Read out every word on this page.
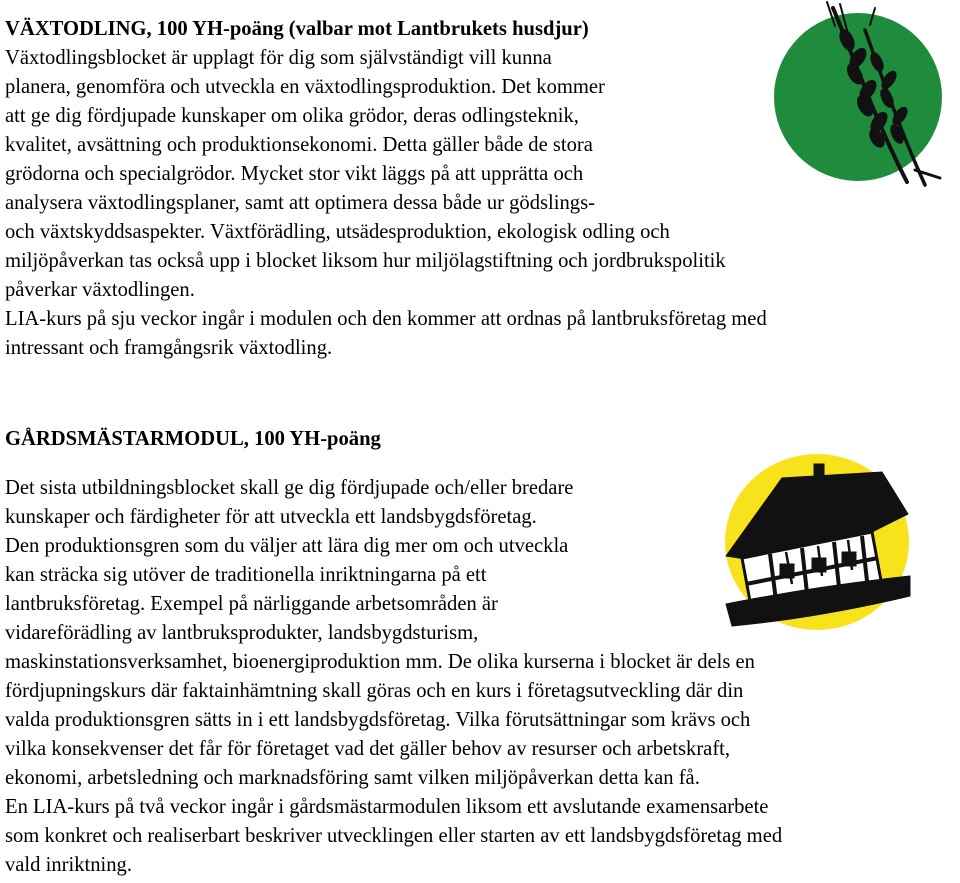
VÄXTODLING, 100 YH-poäng (valbar mot Lantbrukets husdjur)
Växtodlingsblocket är upplagt för dig som självständigt vill kunna
planera, genomföra och utveckla en växtodlingsproduktion. Det kommer
att ge dig fördjupade kunskaper om olika grödor, deras odlingsteknik,
kvalitet, avsättning och produktionsekonomi. Detta gäller både de stora
grödorna och specialgrödor. Mycket stor vikt läggs på att upprätta och
analysera växtodlingsplaner, samt att optimera dessa både ur gödslings-
och växtskyddsaspekter. Växtförädling, utsädesproduktion, ekologisk odling och
miljöpåverkan tas också upp i blocket liksom hur miljölagstiftning och jordbrukspolitik
påverkar växtodlingen.
LIA-kurs på sju veckor ingår i modulen och den kommer att ordnas på lantbruksföretag med
intressant och framgångsrik växtodling.
GÅRDSMÄSTARMODUL, 100 YH-poäng
Det sista utbildningsblocket skall ge dig fördjupade och/eller bredare
kunskaper och färdigheter för att utveckla ett landsbygdsföretag.
Den produktionsgren som du väljer att lära dig mer om och utveckla
kan sträcka sig utöver de traditionella inriktningarna på ett
lantbruksföretag. Exempel på närliggande arbetsområden är
vidareförädling av lantbruksprodukter, landsbygdsturism,
maskinstationsverksamhet, bioenergiproduktion mm. De olika kurserna i blocket är dels en
fördjupningskurs där faktainhämtning skall göras och en kurs i företagsutveckling där din
valda produktionsgren sätts in i ett landsbygdsföretag. Vilka förutsättningar som krävs och
vilka konsekvenser det får för företaget vad det gäller behov av resurser och arbetskraft,
ekonomi, arbetsledning och marknadsföring samt vilken miljöpåverkan detta kan få.
En LIA-kurs på två veckor ingår i gårdsmästarmodulen liksom ett avslutande examensarbete
som konkret och realiserbart beskriver utvecklingen eller starten av ett landsbygdsföretag med
vald inriktning.
